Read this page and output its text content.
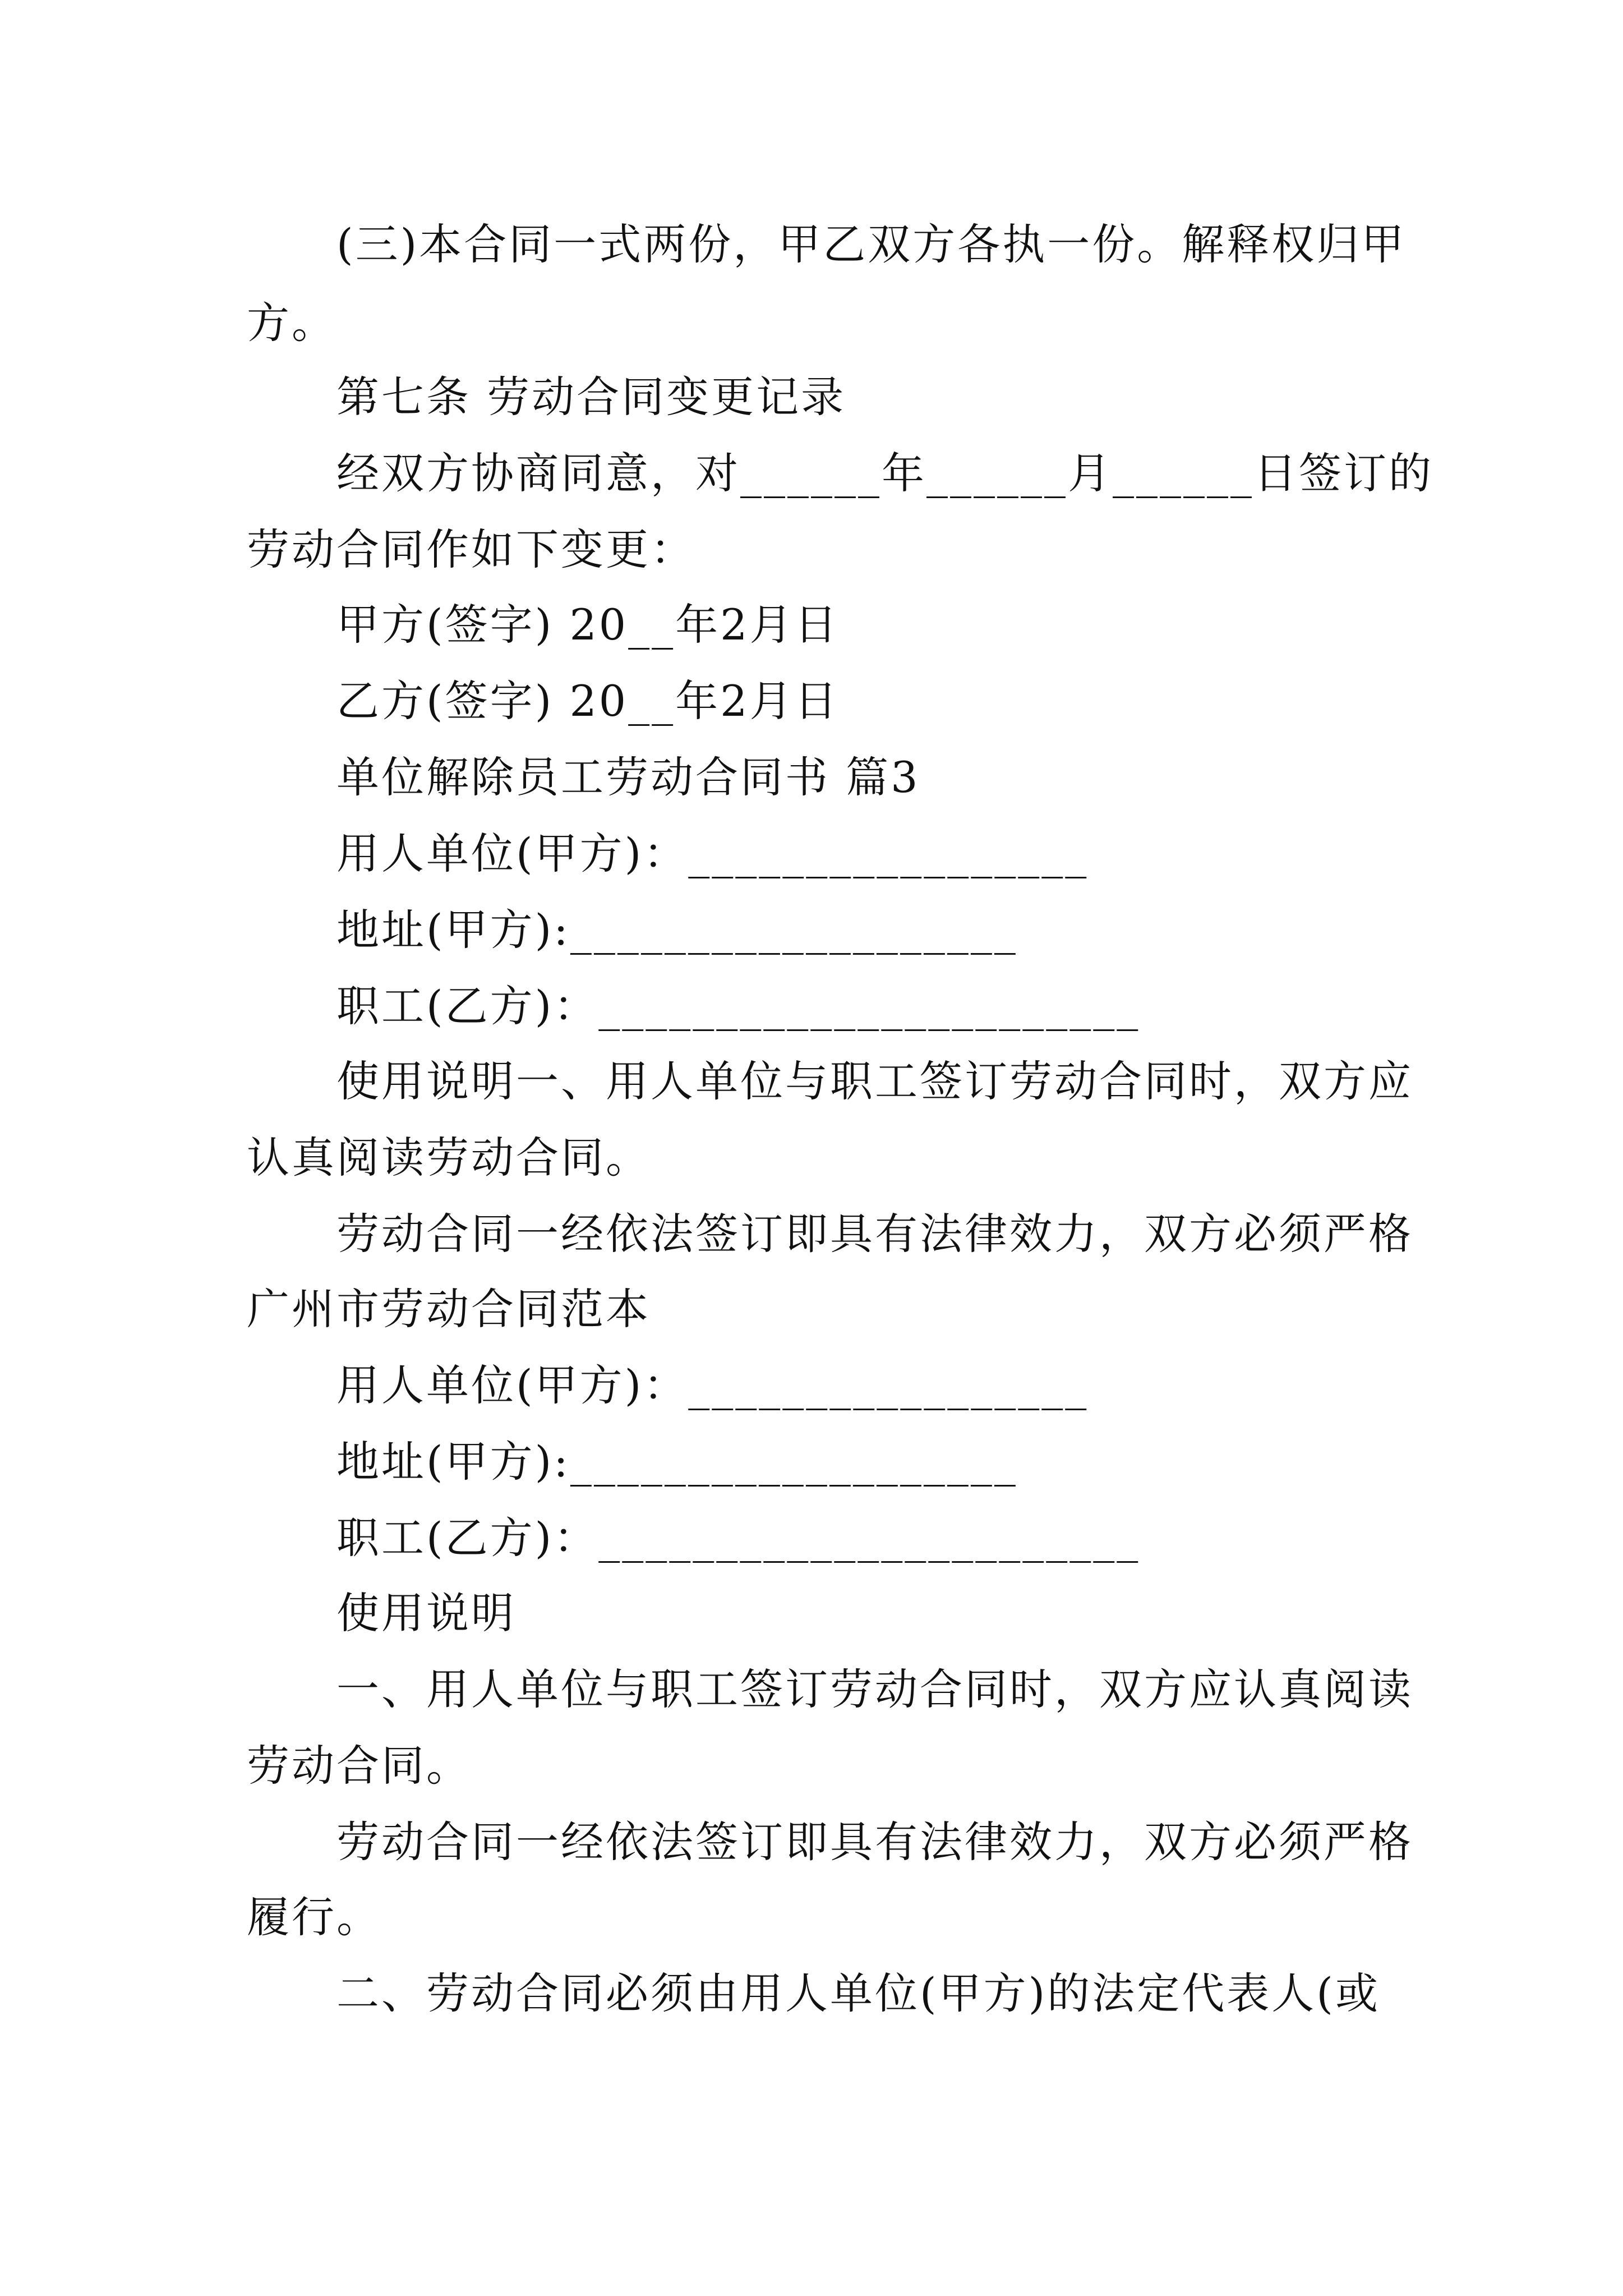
(三)本合同一式两份，甲乙双方各执一份。解释权归甲
方。
第七条 劳动合同变更记录
经双方协商同意，对______年______月______日签订的
劳动合同作如下变更：
甲方(签字) 20__年2月日
乙方(签字) 20__年2月日
单位解除员工劳动合同书 篇3
用人单位(甲方)：_________________
地址(甲方):___________________
职工(乙方)：_______________________
使用说明一、用人单位与职工签订劳动合同时，双方应
认真阅读劳动合同。
劳动合同一经依法签订即具有法律效力，双方必须严格
广州市劳动合同范本
用人单位(甲方)：_________________
地址(甲方):___________________
职工(乙方)：_______________________
使用说明
一、用人单位与职工签订劳动合同时，双方应认真阅读
劳动合同。
劳动合同一经依法签订即具有法律效力，双方必须严格
履行。
二、劳动合同必须由用人单位(甲方)的法定代表人(或
